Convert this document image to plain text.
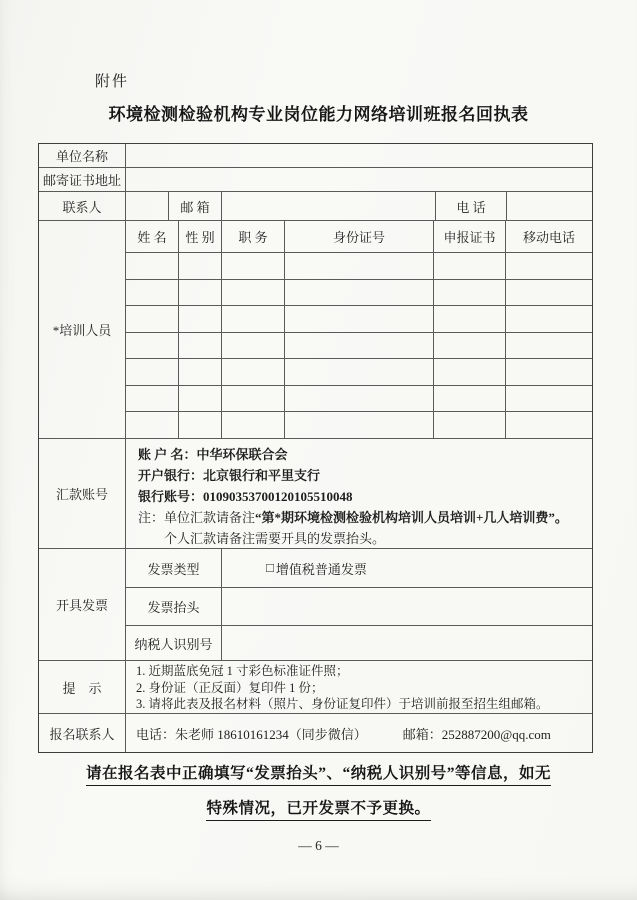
附件
环境检测检验机构专业岗位能力网络培训班报名回执表
单位名称
邮寄证书地址
联系人	邮 箱	电 话
*培训人员
姓 名	性 别	职 务	身份证号	申报证书	移动电话
汇款账号
账 户 名：中华环保联合会
开户银行：北京银行和平里支行
银行账号：01090353700120105510048
注：单位汇款请备注“第*期环境检测检验机构培训人员培训+几人培训费”。
个人汇款请备注需要开具的发票抬头。
开具发票
发票类型	□ 增值税普通发票
发票抬头
纳税人识别号
提　示
1. 近期蓝底免冠 1 寸彩色标准证件照；
2. 身份证（正反面）复印件 1 份；
3. 请将此表及报名材料（照片、身份证复印件）于培训前报至招生组邮箱。
报名联系人	电话：朱老师 18610161234（同步微信）	邮箱：252887200@qq.com
请在报名表中正确填写“发票抬头”、“纳税人识别号”等信息，如无
特殊情况，已开发票不予更换。
— 6 —
